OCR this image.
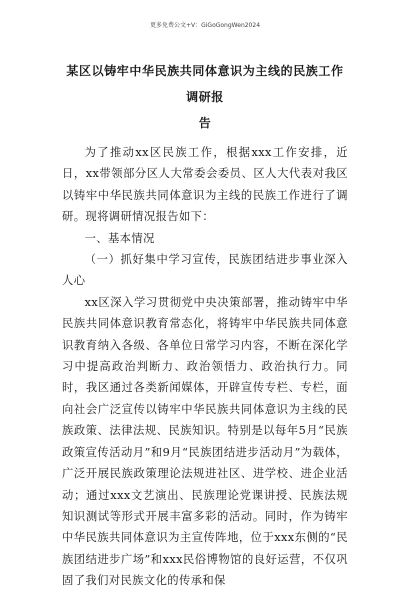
更多免费公文+V：GiGoGongWen2024
某区以铸牢中华民族共同体意识为主线的民族工作调研报
告

为了推动xx区民族工作，根据xxx工作安排，近日，xx带领部分区人大常委会委员、区人大代表对我区以铸牢中华民族共同体意识为主线的民族工作进行了调研。现将调研情况报告如下：

一、基本情况

（一）抓好集中学习宣传，民族团结进步事业深入人心

xx区深入学习贯彻党中央决策部署，推动铸牢中华民族共同体意识教育常态化，将铸牢中华民族共同体意识教育纳入各级、各单位日常学习内容，不断在深化学习中提高政治判断力、政治领悟力、政治执行力。同时，我区通过各类新闻媒体，开辟宣传专栏、专栏，面向社会广泛宣传以铸牢中华民族共同体意识为主线的民族政策、法律法规、民族知识。特别是以每年5月“民族政策宣传活动月”和9月“民族团结进步活动月”为载体，广泛开展民族政策理论法规进社区、进学校、进企业活动；通过xxx文艺演出、民族理论党课讲授、民族法规知识测试等形式开展丰富多彩的活动。同时，作为铸牢中华民族共同体意识为主宣传阵地，位于xxx东侧的“民族团结进步广场”和xxx民俗博物馆的良好运营，不仅巩固了我们对民族文化的传承和保
